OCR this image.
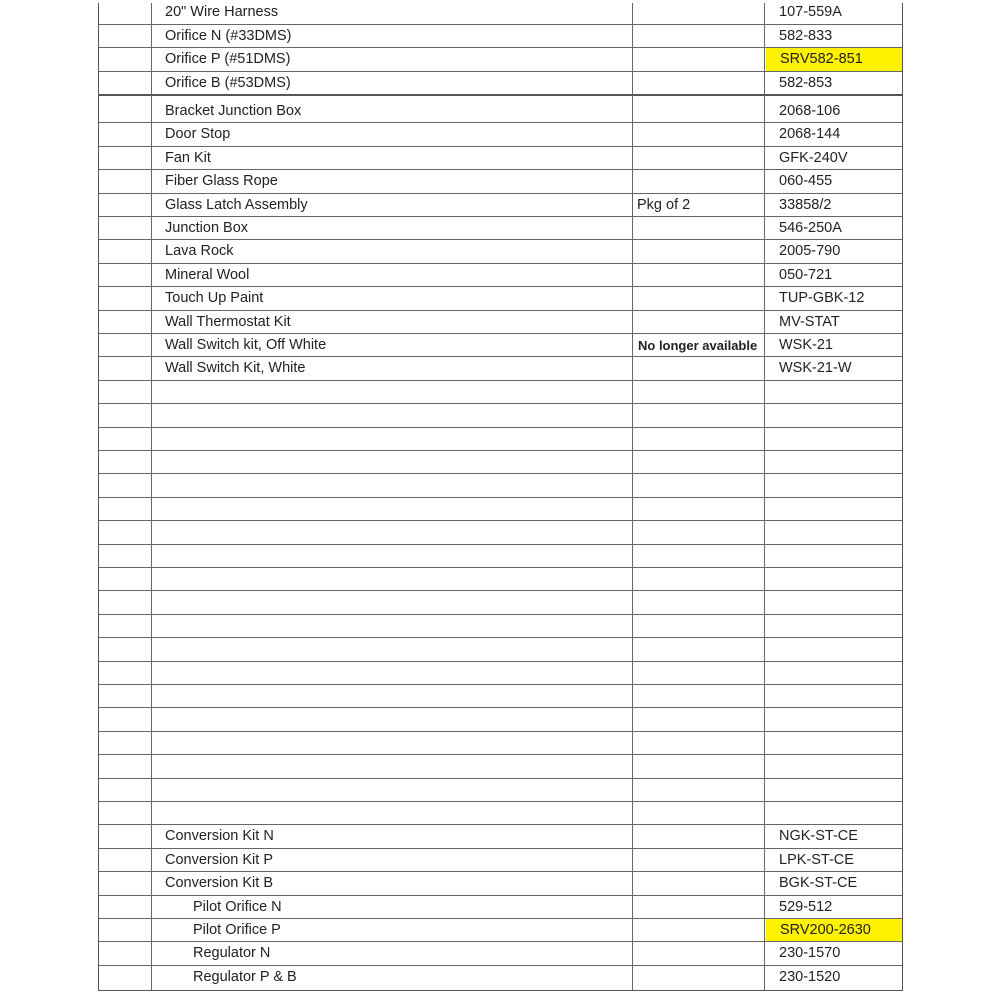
20" Wire Harness	107-559A
Orifice N (#33DMS)	582-833
Orifice P (#51DMS)	SRV582-851
Orifice B (#53DMS)	582-853
Bracket Junction Box	2068-106
Door Stop	2068-144
Fan Kit	GFK-240V
Fiber Glass Rope	060-455
Glass Latch Assembly	Pkg of 2	33858/2
Junction Box	546-250A
Lava Rock	2005-790
Mineral Wool	050-721
Touch Up Paint	TUP-GBK-12
Wall Thermostat Kit	MV-STAT
Wall Switch kit, Off White	No longer available	WSK-21
Wall Switch Kit, White	WSK-21-W
Conversion Kit N	NGK-ST-CE
Conversion Kit P	LPK-ST-CE
Conversion Kit B	BGK-ST-CE
Pilot Orifice N	529-512
Pilot Orifice P	SRV200-2630
Regulator N	230-1570
Regulator P & B	230-1520
